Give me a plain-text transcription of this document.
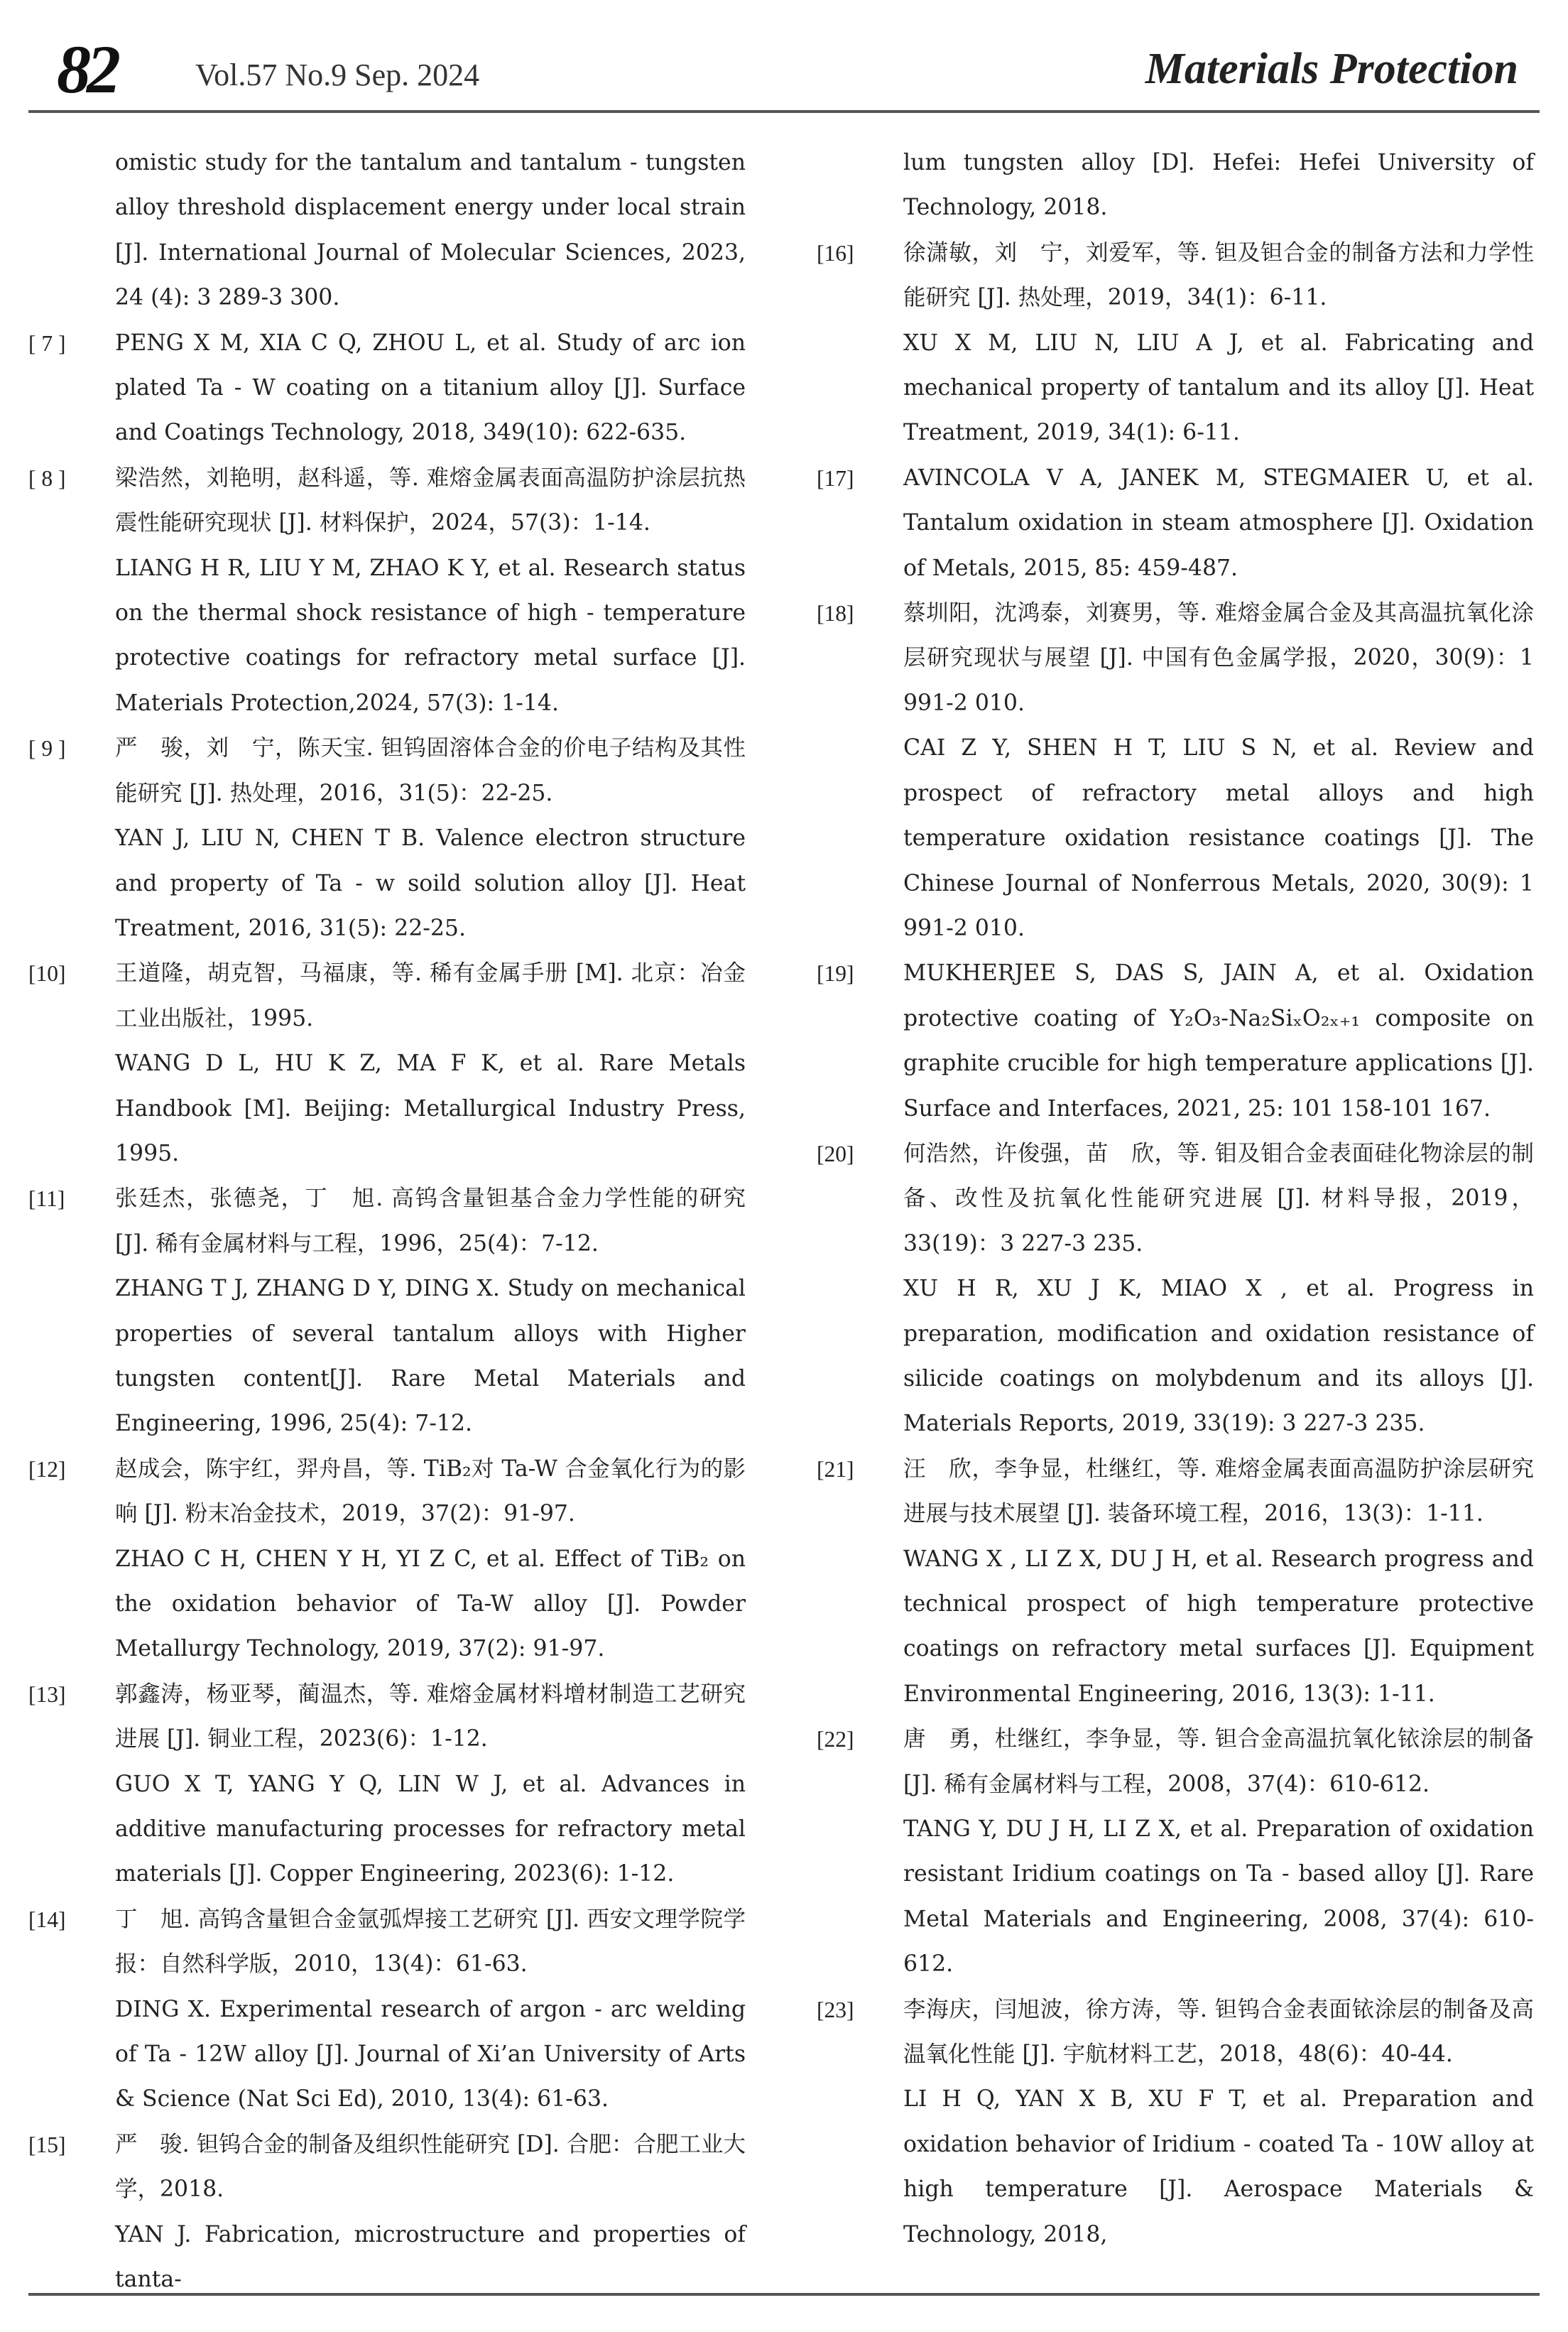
82	Vol.57 No.9 Sep. 2024	Materials Protection

omistic study for the tantalum and tantalum - tungsten alloy threshold displacement energy under local strain [J]. International Journal of Molecular Sciences, 2023, 24 (4): 3 289-3 300.

[ 7 ]	PENG X M, XIA C Q, ZHOU L, et al. Study of arc ion plated Ta - W coating on a titanium alloy [J]. Surface and Coatings Technology, 2018, 349(10): 622-635.

[ 8 ]	梁浩然，刘艳明，赵科遥，等. 难熔金属表面高温防护涂层抗热震性能研究现状 [J]. 材料保护，2024，57(3)：1-14.

LIANG H R, LIU Y M, ZHAO K Y, et al. Research status on the thermal shock resistance of high - temperature protective coatings for refractory metal surface [J]. Materials Protection,2024, 57(3): 1-14.

[ 9 ]	严　骏，刘　宁，陈天宝. 钽钨固溶体合金的价电子结构及其性能研究 [J]. 热处理，2016，31(5)：22-25.

YAN J, LIU N, CHEN T B. Valence electron structure and property of Ta - w soild solution alloy [J]. Heat Treatment, 2016, 31(5): 22-25.

[10]	王道隆，胡克智，马福康，等. 稀有金属手册 [M]. 北京：冶金工业出版社，1995.

WANG D L, HU K Z, MA F K, et al. Rare Metals Handbook [M]. Beijing: Metallurgical Industry Press, 1995.

[11]	张廷杰，张德尧，丁　旭. 高钨含量钽基合金力学性能的研究 [J]. 稀有金属材料与工程，1996，25(4)：7-12.

ZHANG T J, ZHANG D Y, DING X. Study on mechanical properties of several tantalum alloys with Higher tungsten content[J]. Rare Metal Materials and Engineering, 1996, 25(4): 7-12.

[12]	赵成会，陈宇红，羿舟昌，等. TiB₂对 Ta-W 合金氧化行为的影响 [J]. 粉末冶金技术，2019，37(2)：91-97.

ZHAO C H, CHEN Y H, YI Z C, et al. Effect of TiB₂ on the oxidation behavior of Ta-W alloy [J]. Powder Metallurgy Technology, 2019, 37(2): 91-97.

[13]	郭鑫涛，杨亚琴，蔺温杰，等. 难熔金属材料增材制造工艺研究进展 [J]. 铜业工程，2023(6)：1-12.

GUO X T, YANG Y Q, LIN W J, et al. Advances in additive manufacturing processes for refractory metal materials [J]. Copper Engineering, 2023(6): 1-12.

[14]	丁　旭. 高钨含量钽合金氩弧焊接工艺研究 [J]. 西安文理学院学报：自然科学版，2010，13(4)：61-63.

DING X. Experimental research of argon - arc welding of Ta - 12W alloy [J]. Journal of Xi’an University of Arts & Science (Nat Sci Ed), 2010, 13(4): 61-63.

[15]	严　骏. 钽钨合金的制备及组织性能研究 [D]. 合肥：合肥工业大学，2018.

YAN J. Fabrication, microstructure and properties of tanta-

lum tungsten alloy [D]. Hefei: Hefei University of Technology, 2018.

[16]	徐潇敏，刘　宁，刘爱军，等. 钽及钽合金的制备方法和力学性能研究 [J]. 热处理，2019，34(1)：6-11.

XU X M, LIU N, LIU A J, et al. Fabricating and mechanical property of tantalum and its alloy [J]. Heat Treatment, 2019, 34(1): 6-11.

[17]	AVINCOLA V A, JANEK M, STEGMAIER U, et al. Tantalum oxidation in steam atmosphere [J]. Oxidation of Metals, 2015, 85: 459-487.

[18]	蔡圳阳，沈鸿泰，刘赛男，等. 难熔金属合金及其高温抗氧化涂层研究现状与展望 [J]. 中国有色金属学报，2020，30(9)：1 991-2 010.

CAI Z Y, SHEN H T, LIU S N, et al. Review and prospect of refractory metal alloys and high temperature oxidation resistance coatings [J]. The Chinese Journal of Nonferrous Metals, 2020, 30(9): 1 991-2 010.

[19]	MUKHERJEE S, DAS S, JAIN A, et al. Oxidation protective coating of Y₂O₃-Na₂SiₓO₂ₓ₊₁ composite on graphite crucible for high temperature applications [J]. Surface and Interfaces, 2021, 25: 101 158-101 167.

[20]	何浩然，许俊强，苗　欣，等. 钼及钼合金表面硅化物涂层的制备、改性及抗氧化性能研究进展 [J]. 材料导报，2019，33(19)：3 227-3 235.

XU H R, XU J K, MIAO X , et al. Progress in preparation, modification and oxidation resistance of silicide coatings on molybdenum and its alloys [J]. Materials Reports, 2019, 33(19): 3 227-3 235.

[21]	汪　欣，李争显，杜继红，等. 难熔金属表面高温防护涂层研究进展与技术展望 [J]. 装备环境工程，2016，13(3)：1-11.

WANG X , LI Z X, DU J H, et al. Research progress and technical prospect of high temperature protective coatings on refractory metal surfaces [J]. Equipment Environmental Engineering, 2016, 13(3): 1-11.

[22]	唐　勇，杜继红，李争显，等. 钽合金高温抗氧化铱涂层的制备 [J]. 稀有金属材料与工程，2008，37(4)：610-612.

TANG Y, DU J H, LI Z X, et al. Preparation of oxidation resistant Iridium coatings on Ta - based alloy [J]. Rare Metal Materials and Engineering, 2008, 37(4): 610-612.

[23]	李海庆，闫旭波，徐方涛，等. 钽钨合金表面铱涂层的制备及高温氧化性能 [J]. 宇航材料工艺，2018，48(6)：40-44.

LI H Q, YAN X B, XU F T, et al. Preparation and oxidation behavior of Iridium - coated Ta - 10W alloy at high temperature [J]. Aerospace Materials & Technology, 2018,
